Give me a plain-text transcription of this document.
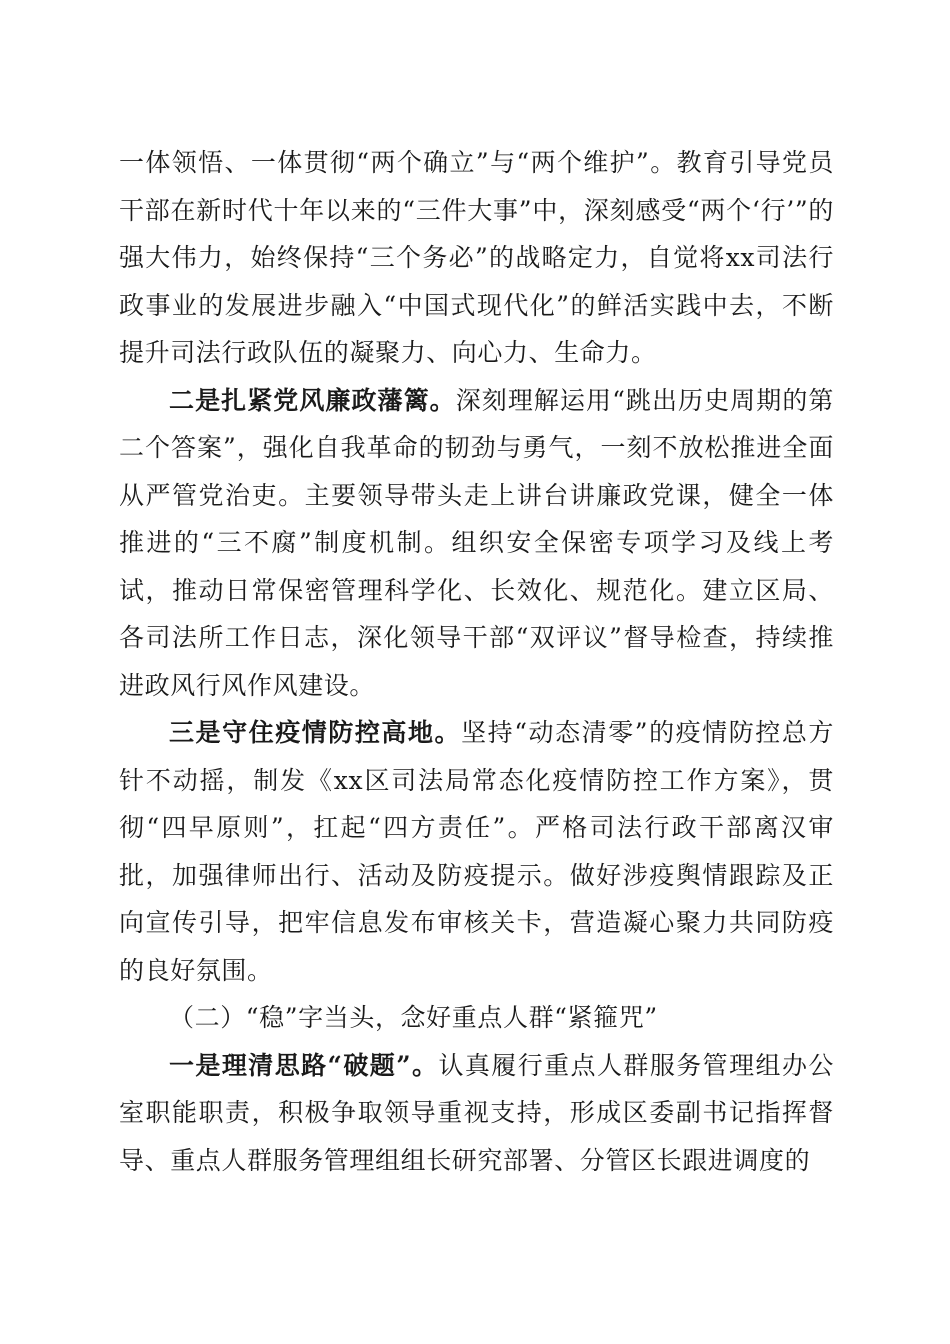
一体领悟、一体贯彻“两个确立”与“两个维护”。教育引导党员干部在新时代十年以来的“三件大事”中，深刻感受“两个‘行’”的强大伟力，始终保持“三个务必”的战略定力，自觉将xx司法行政事业的发展进步融入“中国式现代化”的鲜活实践中去，不断提升司法行政队伍的凝聚力、向心力、生命力。

二是扎紧党风廉政藩篱。深刻理解运用“跳出历史周期的第二个答案”，强化自我革命的韧劲与勇气，一刻不放松推进全面从严管党治吏。主要领导带头走上讲台讲廉政党课，健全一体推进的“三不腐”制度机制。组织安全保密专项学习及线上考试，推动日常保密管理科学化、长效化、规范化。建立区局、各司法所工作日志，深化领导干部“双评议”督导检查，持续推进政风行风作风建设。

三是守住疫情防控高地。坚持“动态清零”的疫情防控总方针不动摇，制发《xx区司法局常态化疫情防控工作方案》，贯彻“四早原则”，扛起“四方责任”。严格司法行政干部离汉审批，加强律师出行、活动及防疫提示。做好涉疫舆情跟踪及正向宣传引导，把牢信息发布审核关卡，营造凝心聚力共同防疫的良好氛围。

（二）“稳”字当头，念好重点人群“紧箍咒”

一是理清思路“破题”。认真履行重点人群服务管理组办公室职能职责，积极争取领导重视支持，形成区委副书记指挥督导、重点人群服务管理组组长研究部署、分管区长跟进调度的
